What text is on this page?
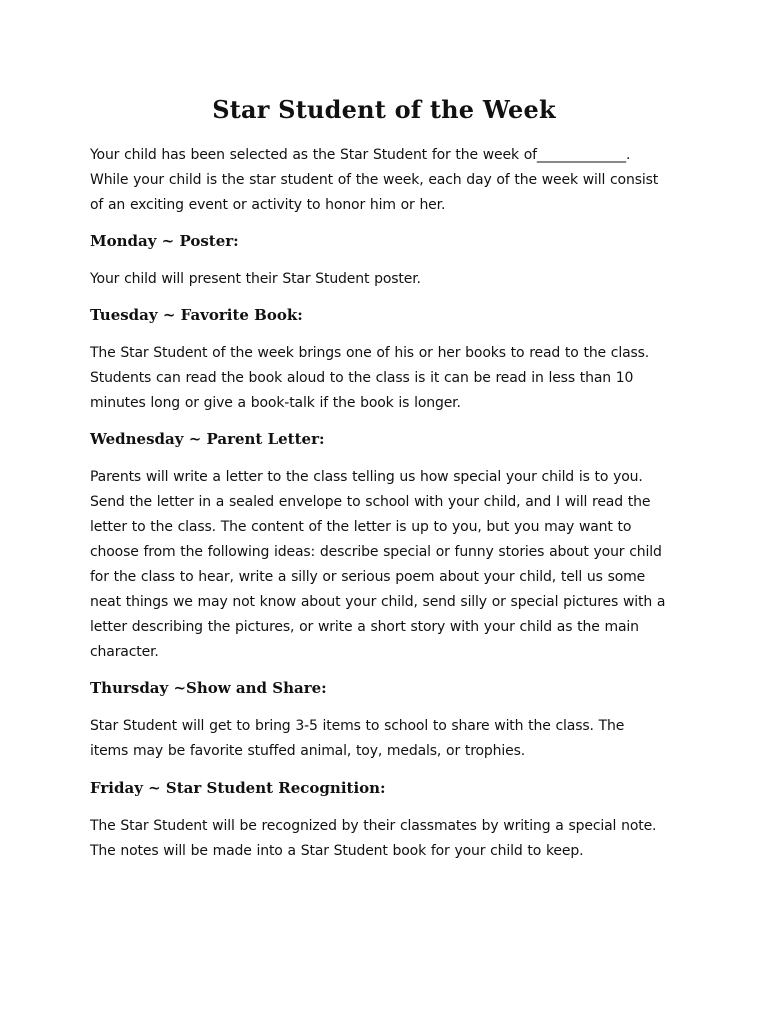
Star Student of the Week
Your child has been selected as the Star Student for the week of_____________.
While your child is the star student of the week, each day of the week will consist
of an exciting event or activity to honor him or her.
Monday ~ Poster:
Your child will present their Star Student poster.
Tuesday ~ Favorite Book:
The Star Student of the week brings one of his or her books to read to the class.
Students can read the book aloud to the class is it can be read in less than 10
minutes long or give a book-talk if the book is longer.
Wednesday ~ Parent Letter:
Parents will write a letter to the class telling us how special your child is to you.
Send the letter in a sealed envelope to school with your child, and I will read the
letter to the class. The content of the letter is up to you, but you may want to
choose from the following ideas: describe special or funny stories about your child
for the class to hear, write a silly or serious poem about your child, tell us some
neat things we may not know about your child, send silly or special pictures with a
letter describing the pictures, or write a short story with your child as the main
character.
Thursday ~Show and Share:
Star Student will get to bring 3-5 items to school to share with the class. The
items may be favorite stuffed animal, toy, medals, or trophies.
Friday ~ Star Student Recognition:
The Star Student will be recognized by their classmates by writing a special note.
The notes will be made into a Star Student book for your child to keep.
